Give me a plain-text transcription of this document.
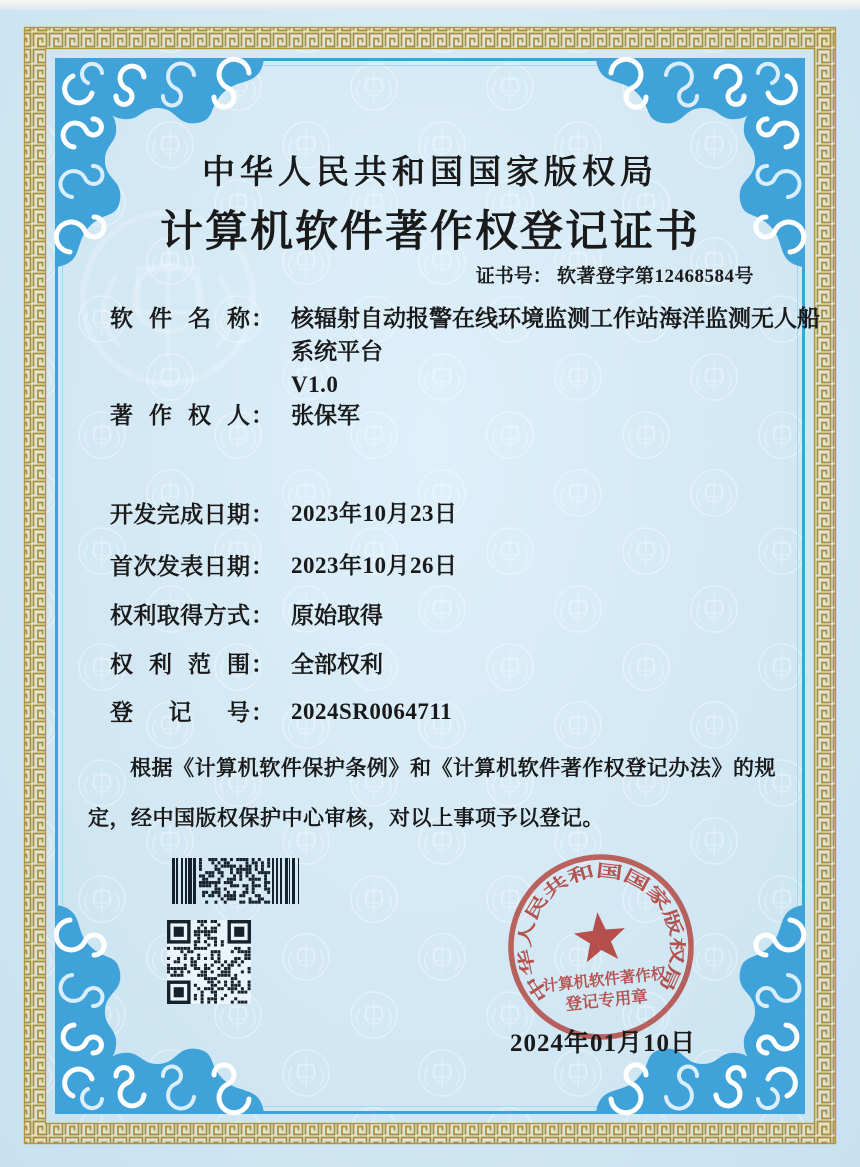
中华人民共和国国家版权局
计算机软件著作权登记证书
证书号： 软著登字第12468584号
软件名称 ： 核辐射自动报警在线环境监测工作站海洋监测无人船
系统平台
V1.0
著作权人 ： 张保军
开发完成日期 ： 2023年10月23日
首次发表日期 ： 2023年10月26日
权利取得方式 ： 原始取得
权利范围 ： 全部权利
登记号 ： 2024SR0064711
根据《计算机软件保护条例》和《计算机软件著作权登记办法》的规定，经中国版权保护中心审核，对以上事项予以登记。
中华人民共和国国家版权局
计算机软件著作权
登记专用章
2024年01月10日
